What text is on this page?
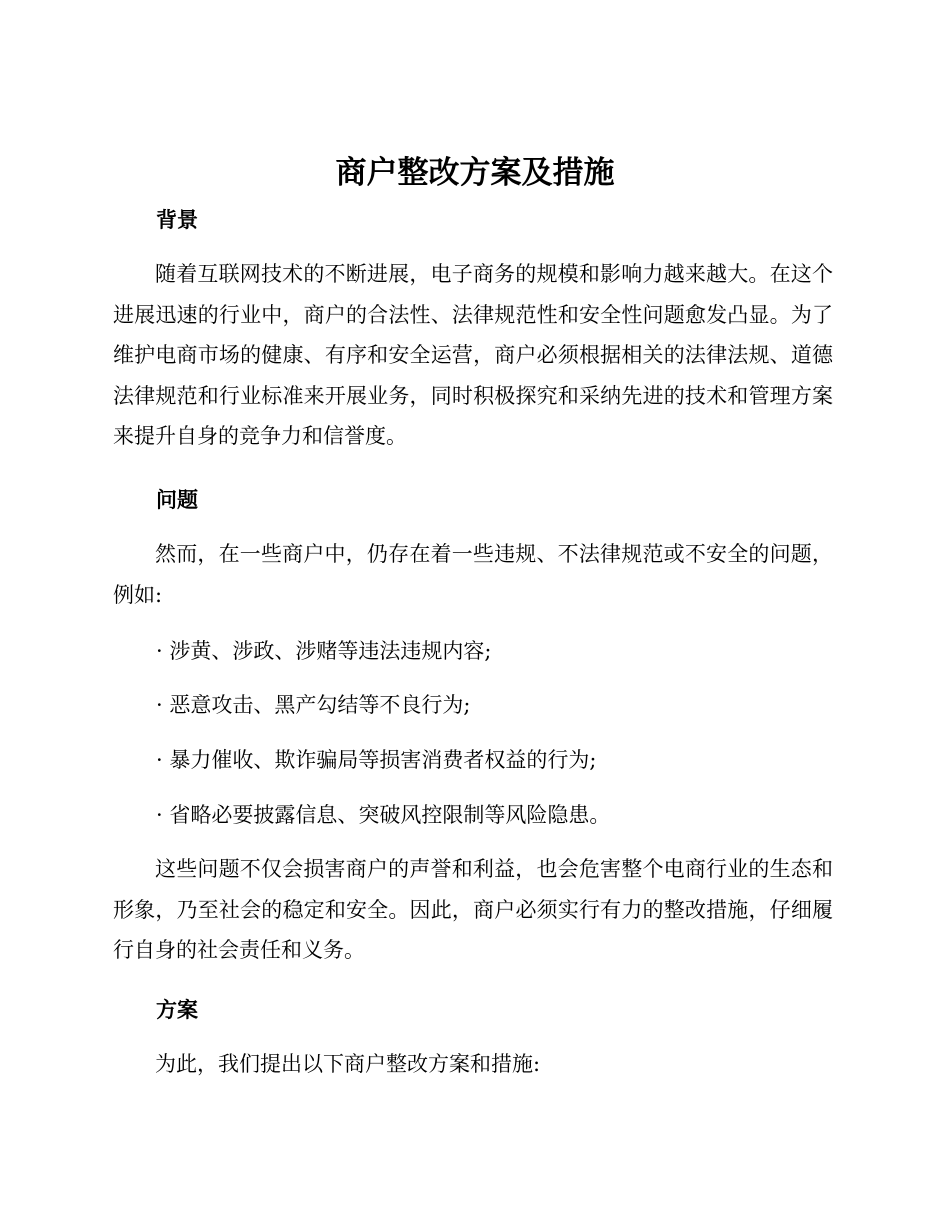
商户整改方案及措施
背景

随着互联网技术的不断进展，电子商务的规模和影响力越来越大。在这个进展迅速的行业中，商户的合法性、法律规范性和安全性问题愈发凸显。为了维护电商市场的健康、有序和安全运营，商户必须根据相关的法律法规、道德法律规范和行业标准来开展业务，同时积极探究和采纳先进的技术和管理方案来提升自身的竞争力和信誉度。

问题

然而，在一些商户中，仍存在着一些违规、不法律规范或不安全的问题，例如:

· 涉黄、涉政、涉赌等违法违规内容;

· 恶意攻击、黑产勾结等不良行为;

· 暴力催收、欺诈骗局等损害消费者权益的行为;

· 省略必要披露信息、突破风控限制等风险隐患。

这些问题不仅会损害商户的声誉和利益，也会危害整个电商行业的生态和形象，乃至社会的稳定和安全。因此，商户必须实行有力的整改措施，仔细履行自身的社会责任和义务。

方案

为此，我们提出以下商户整改方案和措施:
